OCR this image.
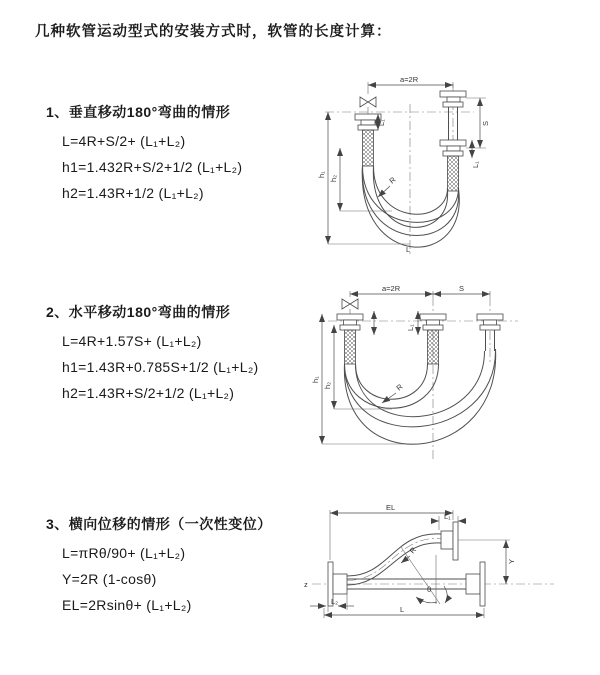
几种软管运动型式的安装方式时，软管的长度计算：
1、垂直移动180°弯曲的情形
L=4R+S/2+ (L₁+L₂)
h1=1.432R+S/2+1/2 (L₁+L₂)
h2=1.43R+1/2 (L₁+L₂)
a=2R
S
L₁
L₁
h₁
h₂	R
L
2、水平移动180°弯曲的情形
L=4R+1.57S+ (L₁+L₂)
h1=1.43R+0.785S+1/2 (L₁+L₂)
h2=1.43R+S/2+1/2 (L₁+L₂)
a=2R	S
L₁
h₁
h₂	R
3、横向位移的情形（一次性变位）
L=πRθ/90+ (L₁+L₂)
Y=2R (1-cosθ)
EL=2Rsinθ+ (L₁+L₂)
z
θ
R
EL
L₁
Y
L₂
L
